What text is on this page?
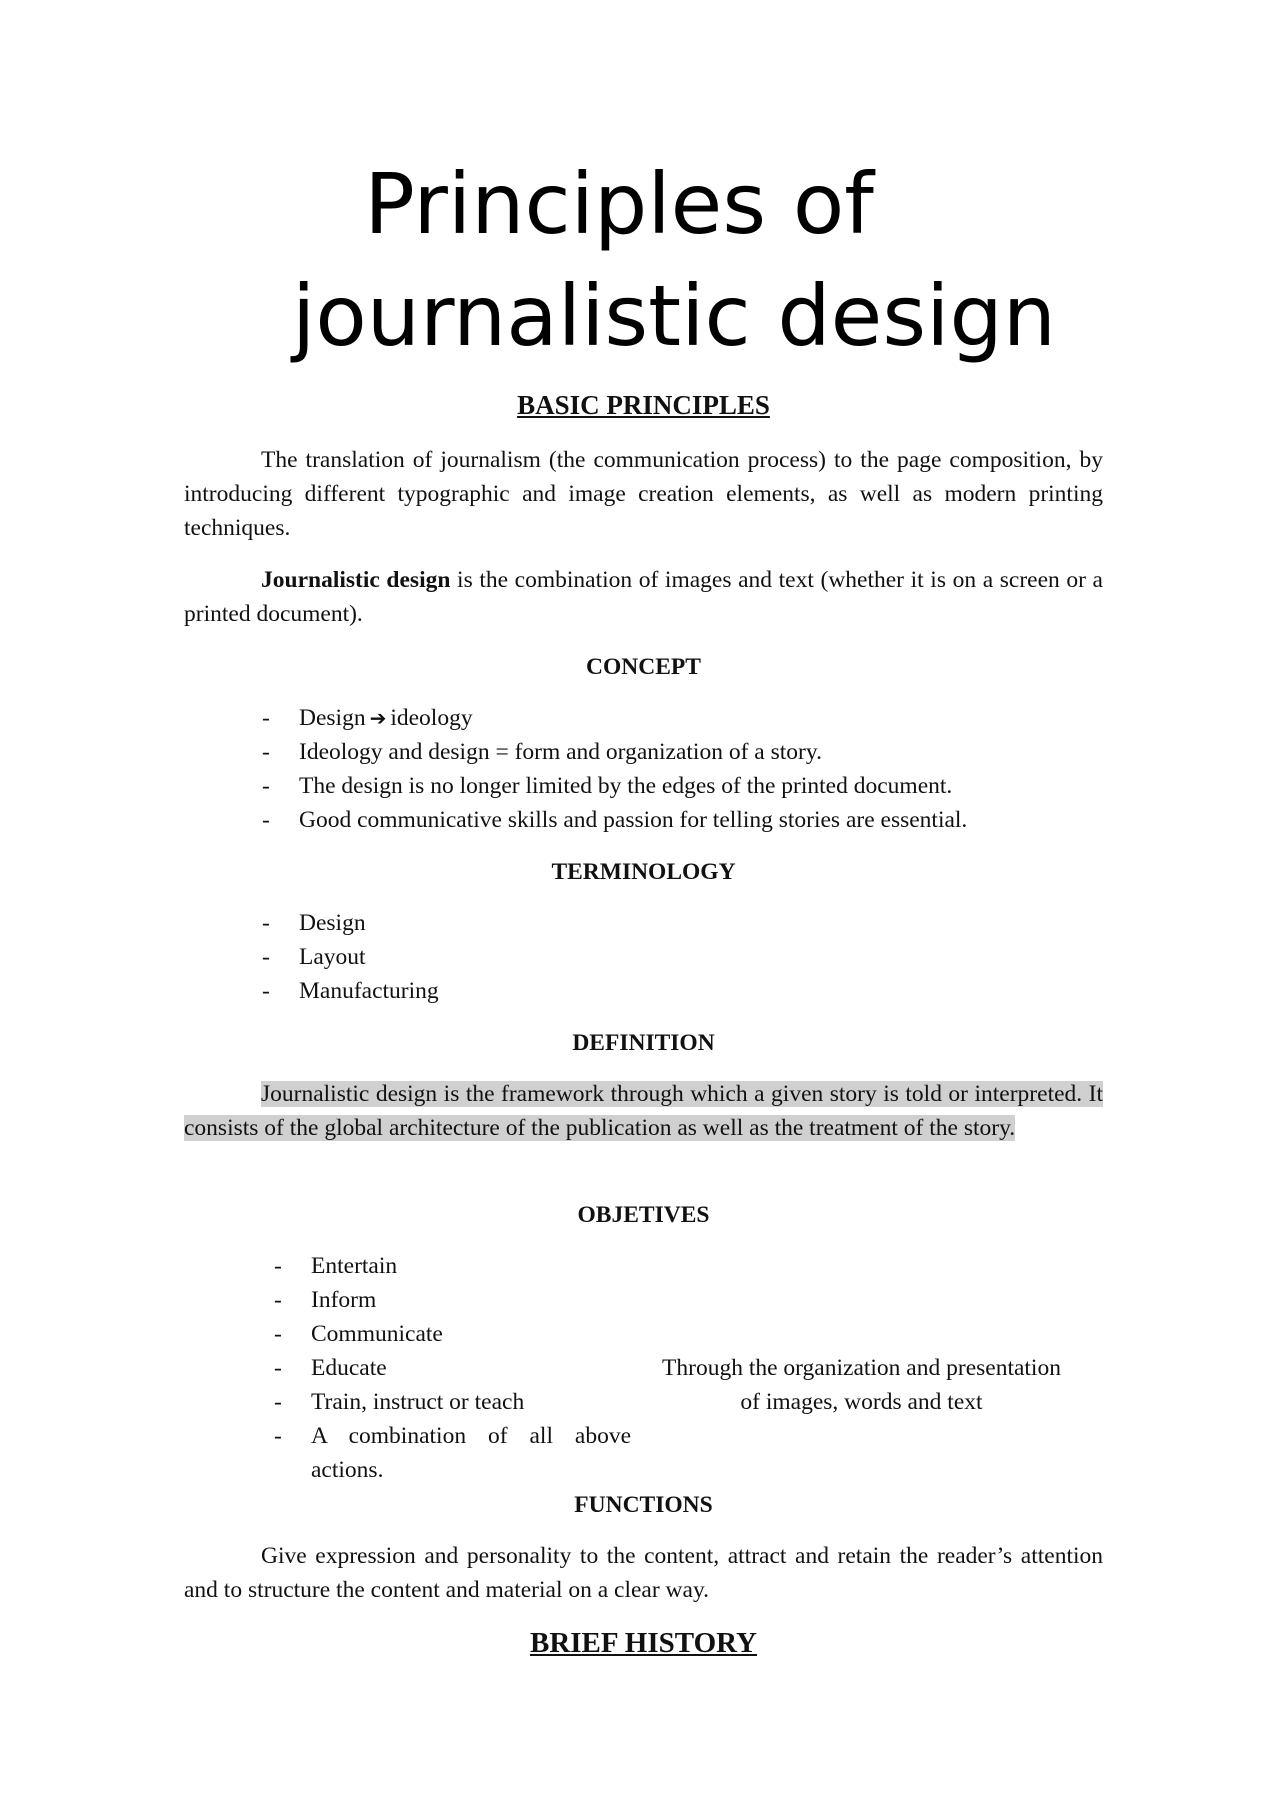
Principles of
journalistic design
BASIC PRINCIPLES

The translation of journalism (the communication process) to the page composition, by introducing different typographic and image creation elements, as well as modern printing techniques.

Journalistic design is the combination of images and text (whether it is on a screen or a printed document).

CONCEPT
- Design ➔ ideology
- Ideology and design = form and organization of a story.
- The design is no longer limited by the edges of the printed document.
- Good communicative skills and passion for telling stories are essential.
TERMINOLOGY
- Design
- Layout
- Manufacturing
DEFINITION

Journalistic design is the framework through which a given story is told or interpreted. It consists of the global architecture of the publication as well as the treatment of the story.

OBJETIVES
- Entertain
- Inform
- Communicate
- Educate
- Train, instruct or teach
- A combination of all above actions.
Through the organization and presentation of images, words and text
FUNCTIONS

Give expression and personality to the content, attract and retain the reader’s attention and to structure the content and material on a clear way.

BRIEF HISTORY
